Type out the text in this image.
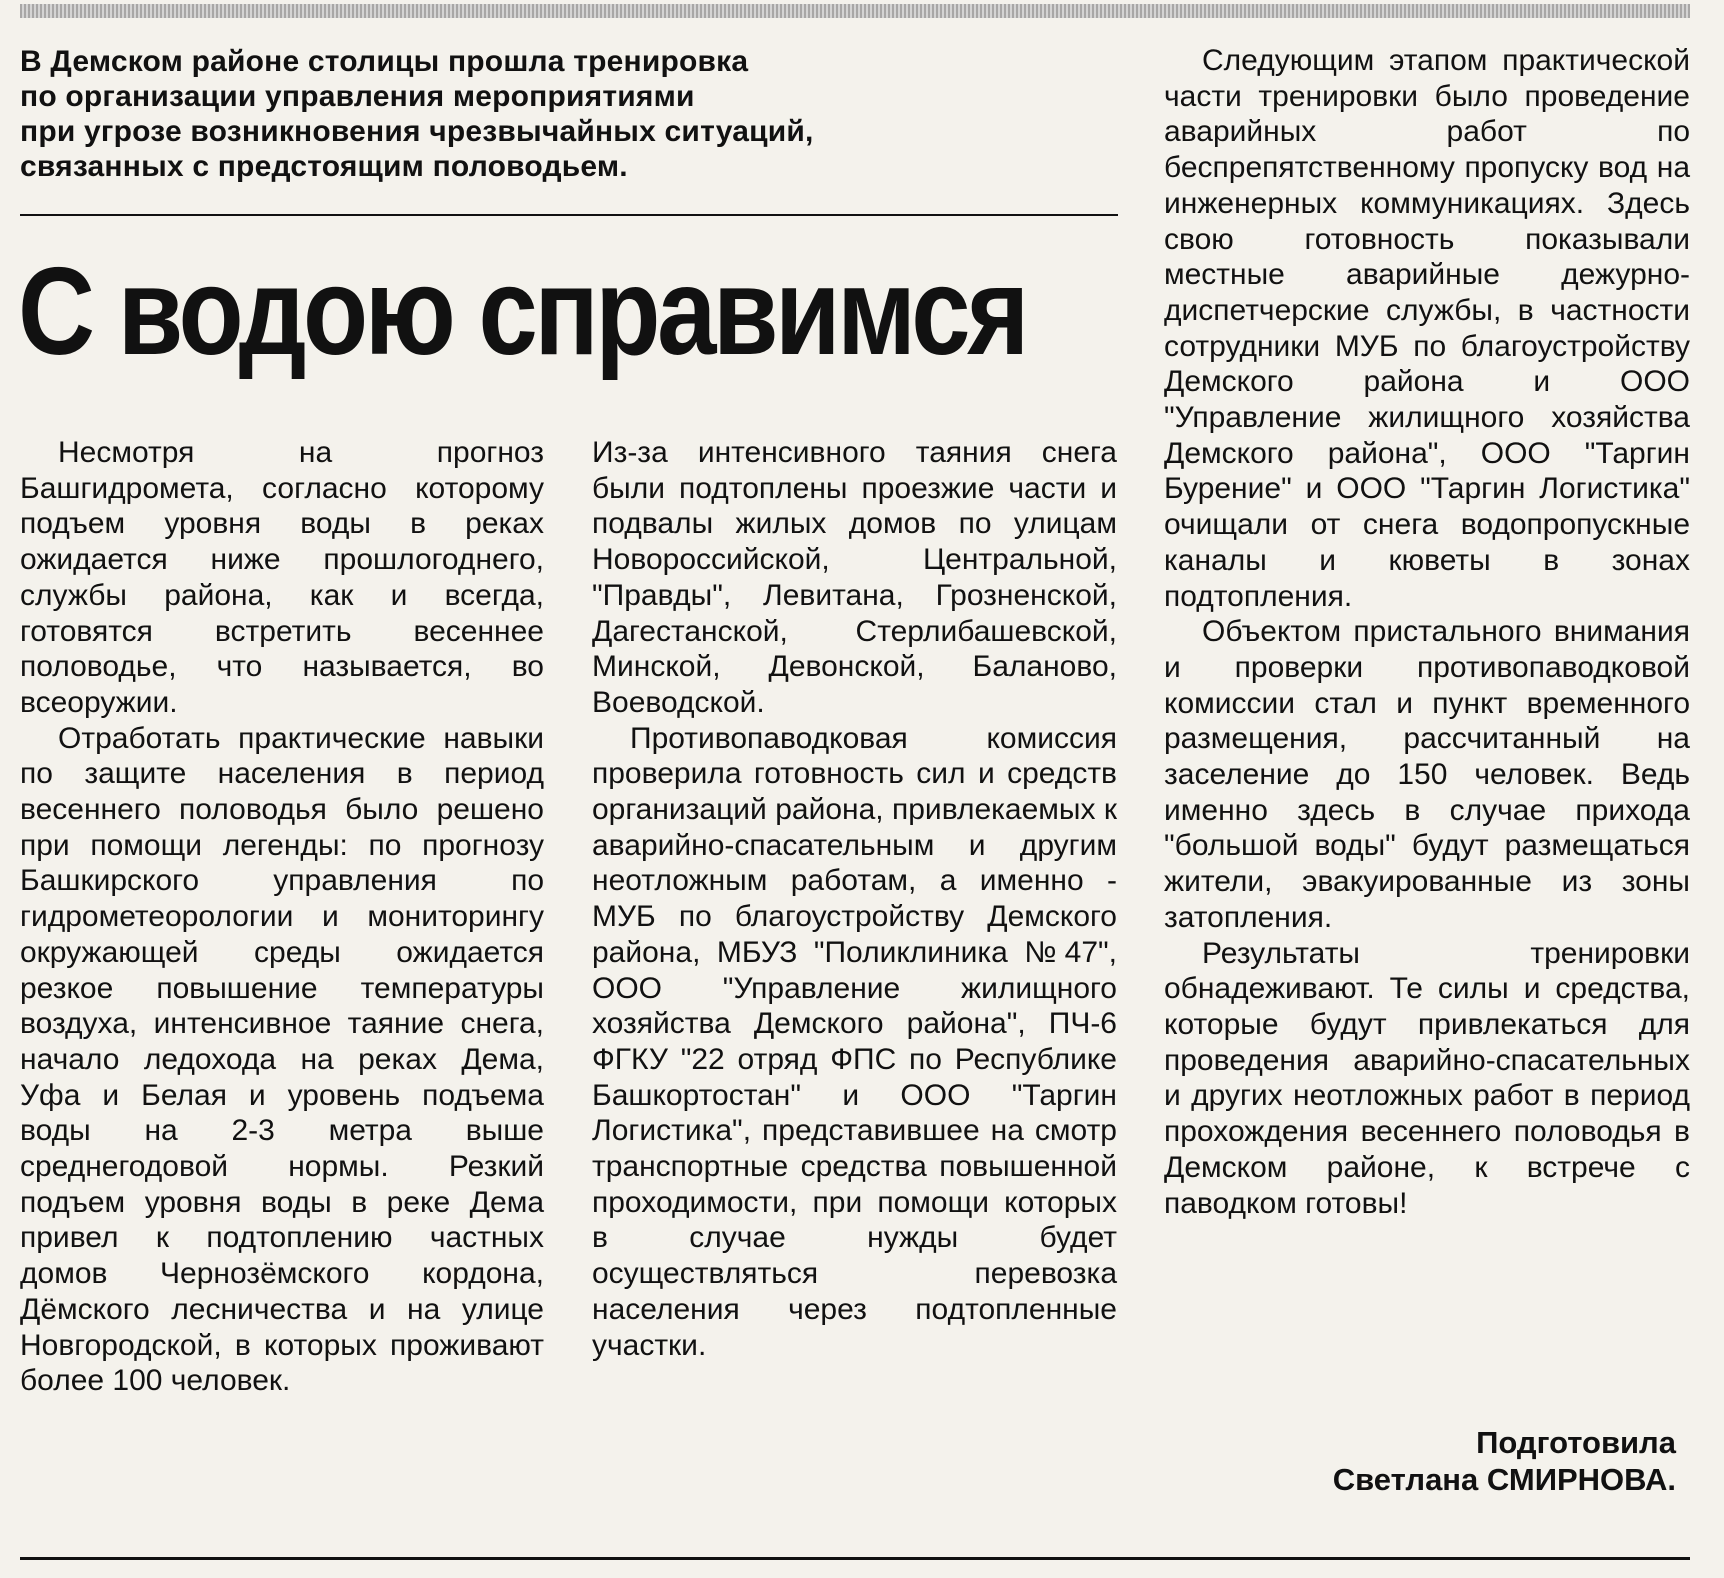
В Демском районе столицы прошла тренировка
по организации управления мероприятиями
при угрозе возникновения чрезвычайных ситуаций,
связанных с предстоящим половодьем.

С водою справимся

Несмотря на прогноз Башгидромета, согласно которому подъем уровня воды в реках ожидается ниже прошлогоднего, службы района, как и всегда, готовятся встретить весеннее половодье, что называется, во всеоружии.

Отработать практические навыки по защите населения в период весеннего половодья было решено при помощи легенды: по прогнозу Башкирского управления по гидрометеорологии и мониторингу окружающей среды ожидается резкое повышение температуры воздуха, интенсивное таяние снега, начало ледохода на реках Дема, Уфа и Белая и уровень подъема воды на 2-3 метра выше среднегодовой нормы. Резкий подъем уровня воды в реке Дема привел к подтоплению частных домов Чернозёмского кордона, Дёмского лесничества и на улице Новгородской, в которых проживают более 100 человек.

Из-за интенсивного таяния снега были подтоплены проезжие части и подвалы жилых домов по улицам Новороссийской, Центральной, "Правды", Левитана, Грозненской, Дагестанской, Стерлибашевской, Минской, Девонской, Баланово, Воеводской.

Противопаводковая комиссия проверила готовность сил и средств организаций района, привлекаемых к аварийно-спасательным и другим неотложным работам, а именно - МУБ по благоустройству Демского района, МБУЗ "Поликлиника №47", ООО "Управление жилищного хозяйства Демского района", ПЧ-6 ФГКУ "22 отряд ФПС по Республике Башкортостан" и ООО "Таргин Логистика", представившее на смотр транспортные средства повышенной проходимости, при помощи которых в случае нужды будет осуществляться перевозка населения через подтопленные участки.

Следующим этапом практической части тренировки было проведение аварийных работ по беспрепятственному пропуску вод на инженерных коммуникациях. Здесь свою готовность показывали местные аварийные дежурно-диспетчерские службы, в частности сотрудники МУБ по благоустройству Демского района и ООО "Управление жилищного хозяйства Демского района", ООО "Таргин Бурение" и ООО "Таргин Логистика" очищали от снега водопропускные каналы и кюветы в зонах подтопления.

Объектом пристального внимания и проверки противопаводковой комиссии стал и пункт временного размещения, рассчитанный на заселение до 150 человек. Ведь именно здесь в случае прихода "большой воды" будут размещаться жители, эвакуированные из зоны затопления.

Результаты тренировки обнадеживают. Те силы и средства, которые будут привлекаться для проведения аварийно-спасательных и других неотложных работ в период прохождения весеннего половодья в Демском районе, к встрече с паводком готовы!

Подготовила
Светлана СМИРНОВА.
